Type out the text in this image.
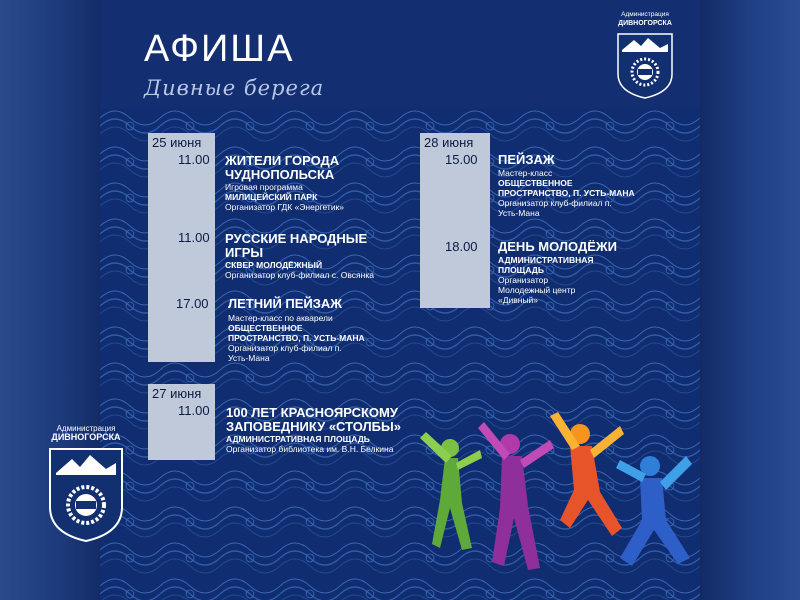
АФИША
Дивные берега
Администрация
ДИВНОГОРСКА
25 июня
11.00 ЖИТЕЛИ ГОРОДА
ЧУДНОПОЛЬСКА
Игровая программа
МИЛИЦЕЙСКИЙ ПАРК
Организатор ГДК «Энергетик»
11.00 РУССКИЕ НАРОДНЫЕ
ИГРЫ
СКВЕР МОЛОДЁЖНЫЙ
Организатор клуб-филиал с. Овсянка
17.00 ЛЕТНИЙ ПЕЙЗАЖ
Мастер-класс по акварели
ОБЩЕСТВЕННОЕ
ПРОСТРАНСТВО, П. УСТЬ-МАНА
Организатор клуб-филиал п.
Усть-Мана
27 июня
11.00 100 ЛЕТ КРАСНОЯРСКОМУ
ЗАПОВЕДНИКУ «СТОЛБЫ»
АДМИНИСТРАТИВНАЯ ПЛОЩАДЬ
Организатор библиотека им. В.Н. Белкина
28 июня
15.00 ПЕЙЗАЖ
Мастер-класс
ОБЩЕСТВЕННОЕ
ПРОСТРАНСТВО, П. УСТЬ-МАНА
Организатор клуб-филиал п.
Усть-Мана
18.00 ДЕНЬ МОЛОДЁЖИ
АДМИНИСТРАТИВНАЯ
ПЛОЩАДЬ
Организатор
Молодежный центр
«Дивный»
Администрация
ДИВНОГОРСКА
